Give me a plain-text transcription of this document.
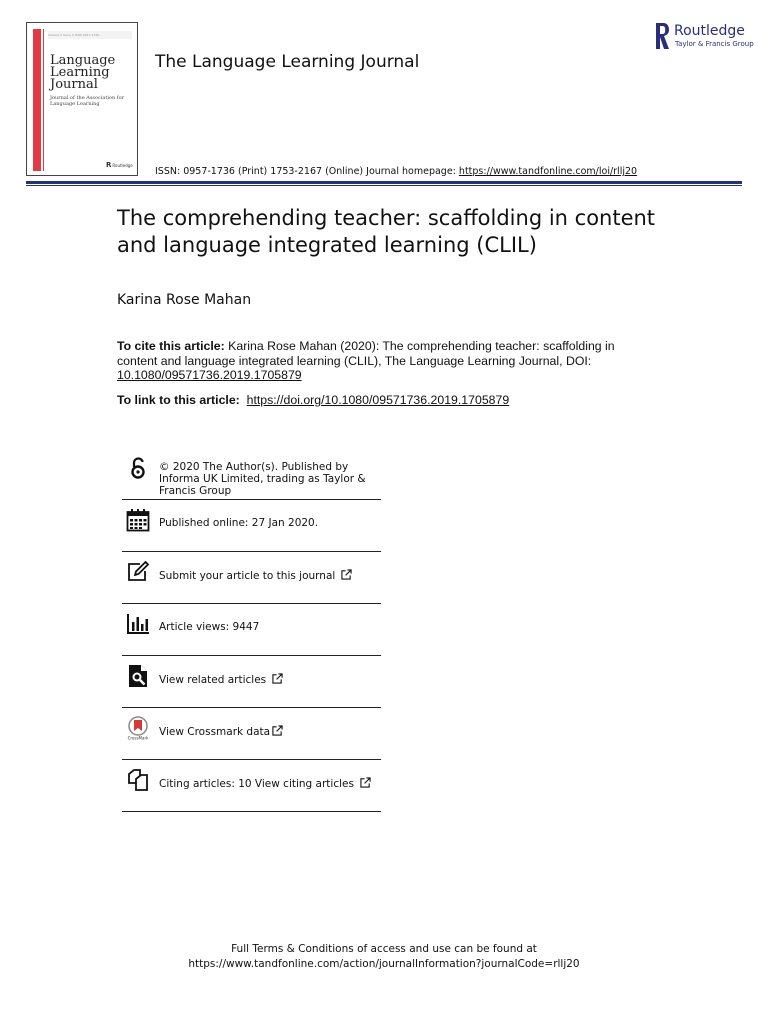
Volume X Issue X ISSN 0957-1736
Language Learning Journal
Journal of the Association for Language Learning
R Routledge
The Language Learning Journal
Routledge
Taylor & Francis Group
ISSN: 0957-1736 (Print) 1753-2167 (Online) Journal homepage: https://www.tandfonline.com/loi/rllj20
The comprehending teacher: scaffolding in content and language integrated learning (CLIL)
Karina Rose Mahan
To cite this article: Karina Rose Mahan (2020): The comprehending teacher: scaffolding in content and language integrated learning (CLIL), The Language Learning Journal, DOI: 10.1080/09571736.2019.1705879
To link to this article: https://doi.org/10.1080/09571736.2019.1705879
© 2020 The Author(s). Published by Informa UK Limited, trading as Taylor & Francis Group
Published online: 27 Jan 2020.
Submit your article to this journal
Article views: 9447
View related articles
CrossMark View Crossmark data
Citing articles: 10 View citing articles
Full Terms & Conditions of access and use can be found at
https://www.tandfonline.com/action/journalInformation?journalCode=rllj20
